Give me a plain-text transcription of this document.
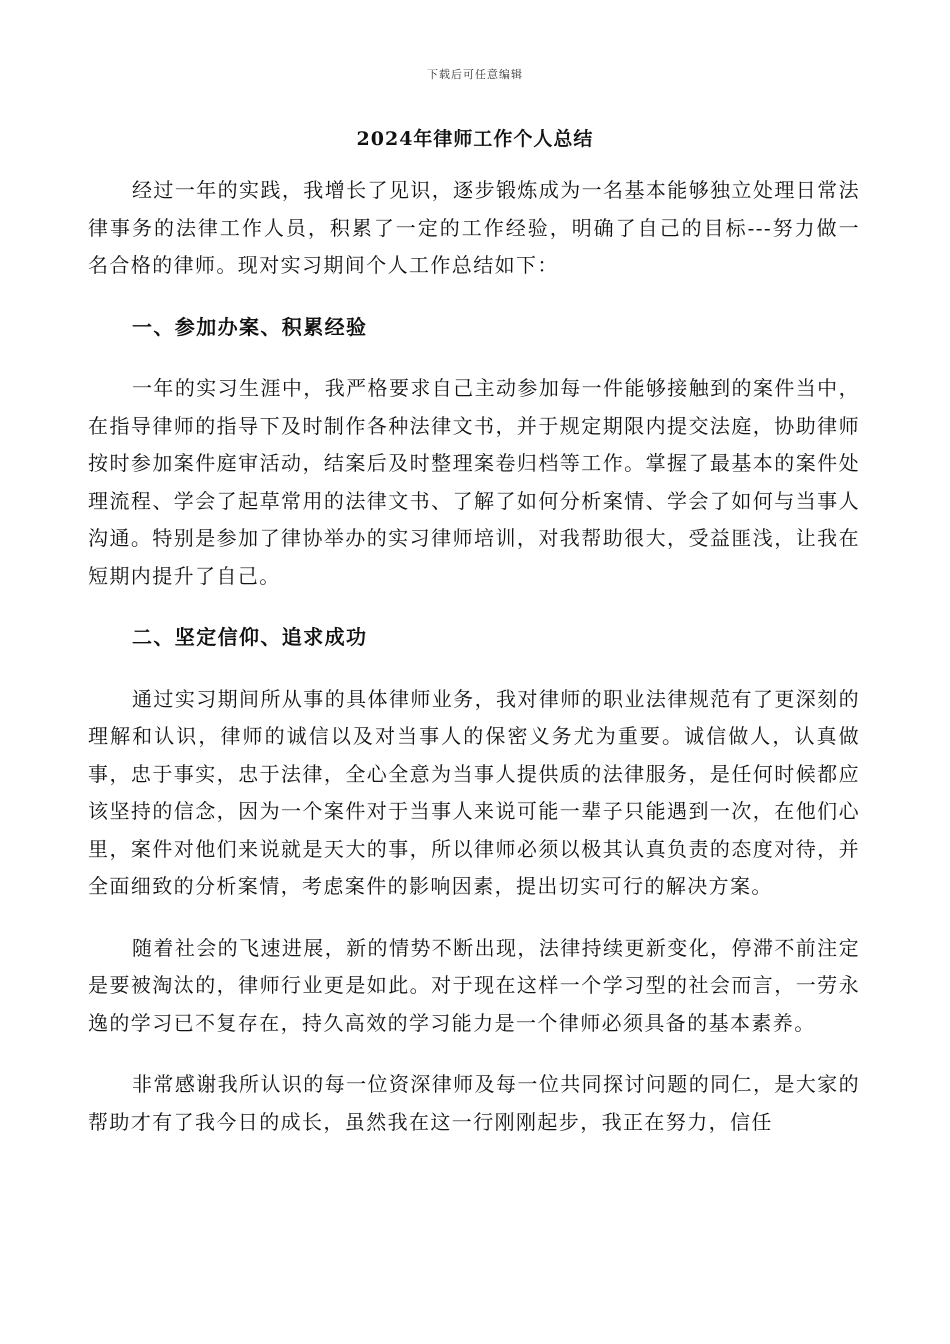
下载后可任意编辑
2024年律师工作个人总结

经过一年的实践，我增长了见识，逐步锻炼成为一名基本能够独立处理日常法律事务的法律工作人员，积累了一定的工作经验，明确了自己的目标---努力做一名合格的律师。现对实习期间个人工作总结如下：

一、参加办案、积累经验

一年的实习生涯中，我严格要求自己主动参加每一件能够接触到的案件当中，在指导律师的指导下及时制作各种法律文书，并于规定期限内提交法庭，协助律师按时参加案件庭审活动，结案后及时整理案卷归档等工作。掌握了最基本的案件处理流程、学会了起草常用的法律文书、了解了如何分析案情、学会了如何与当事人沟通。特别是参加了律协举办的实习律师培训，对我帮助很大，受益匪浅，让我在短期内提升了自己。

二、坚定信仰、追求成功

通过实习期间所从事的具体律师业务，我对律师的职业法律规范有了更深刻的理解和认识，律师的诚信以及对当事人的保密义务尤为重要。诚信做人，认真做事，忠于事实，忠于法律，全心全意为当事人提供质的法律服务，是任何时候都应该坚持的信念，因为一个案件对于当事人来说可能一辈子只能遇到一次，在他们心里，案件对他们来说就是天大的事，所以律师必须以极其认真负责的态度对待，并全面细致的分析案情，考虑案件的影响因素，提出切实可行的解决方案。

随着社会的飞速进展，新的情势不断出现，法律持续更新变化，停滞不前注定是要被淘汰的，律师行业更是如此。对于现在这样一个学习型的社会而言，一劳永逸的学习已不复存在，持久高效的学习能力是一个律师必须具备的基本素养。

非常感谢我所认识的每一位资深律师及每一位共同探讨问题的同仁，是大家的帮助才有了我今日的成长，虽然我在这一行刚刚起步，我正在努力，信任
